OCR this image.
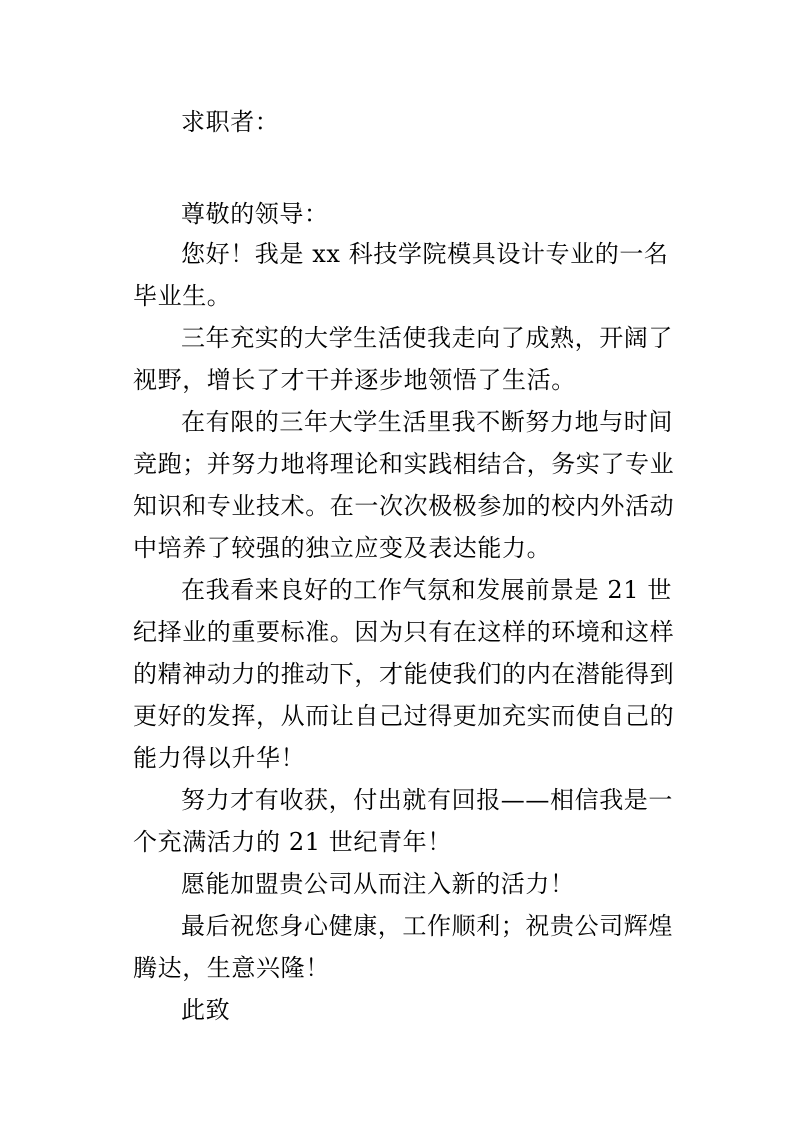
求职者：
尊敬的领导：
您好！我是 xx 科技学院模具设计专业的一名
毕业生。
三年充实的大学生活使我走向了成熟，开阔了
视野，增长了才干并逐步地领悟了生活。
在有限的三年大学生活里我不断努力地与时间
竞跑；并努力地将理论和实践相结合，务实了专业
知识和专业技术。在一次次极极参加的校内外活动
中培养了较强的独立应变及表达能力。
在我看来良好的工作气氛和发展前景是 21 世
纪择业的重要标准。因为只有在这样的环境和这样
的精神动力的推动下，才能使我们的内在潜能得到
更好的发挥，从而让自己过得更加充实而使自己的
能力得以升华！
努力才有收获，付出就有回报——相信我是一
个充满活力的 21 世纪青年！
愿能加盟贵公司从而注入新的活力！
最后祝您身心健康，工作顺利；祝贵公司辉煌
腾达，生意兴隆！
此致
